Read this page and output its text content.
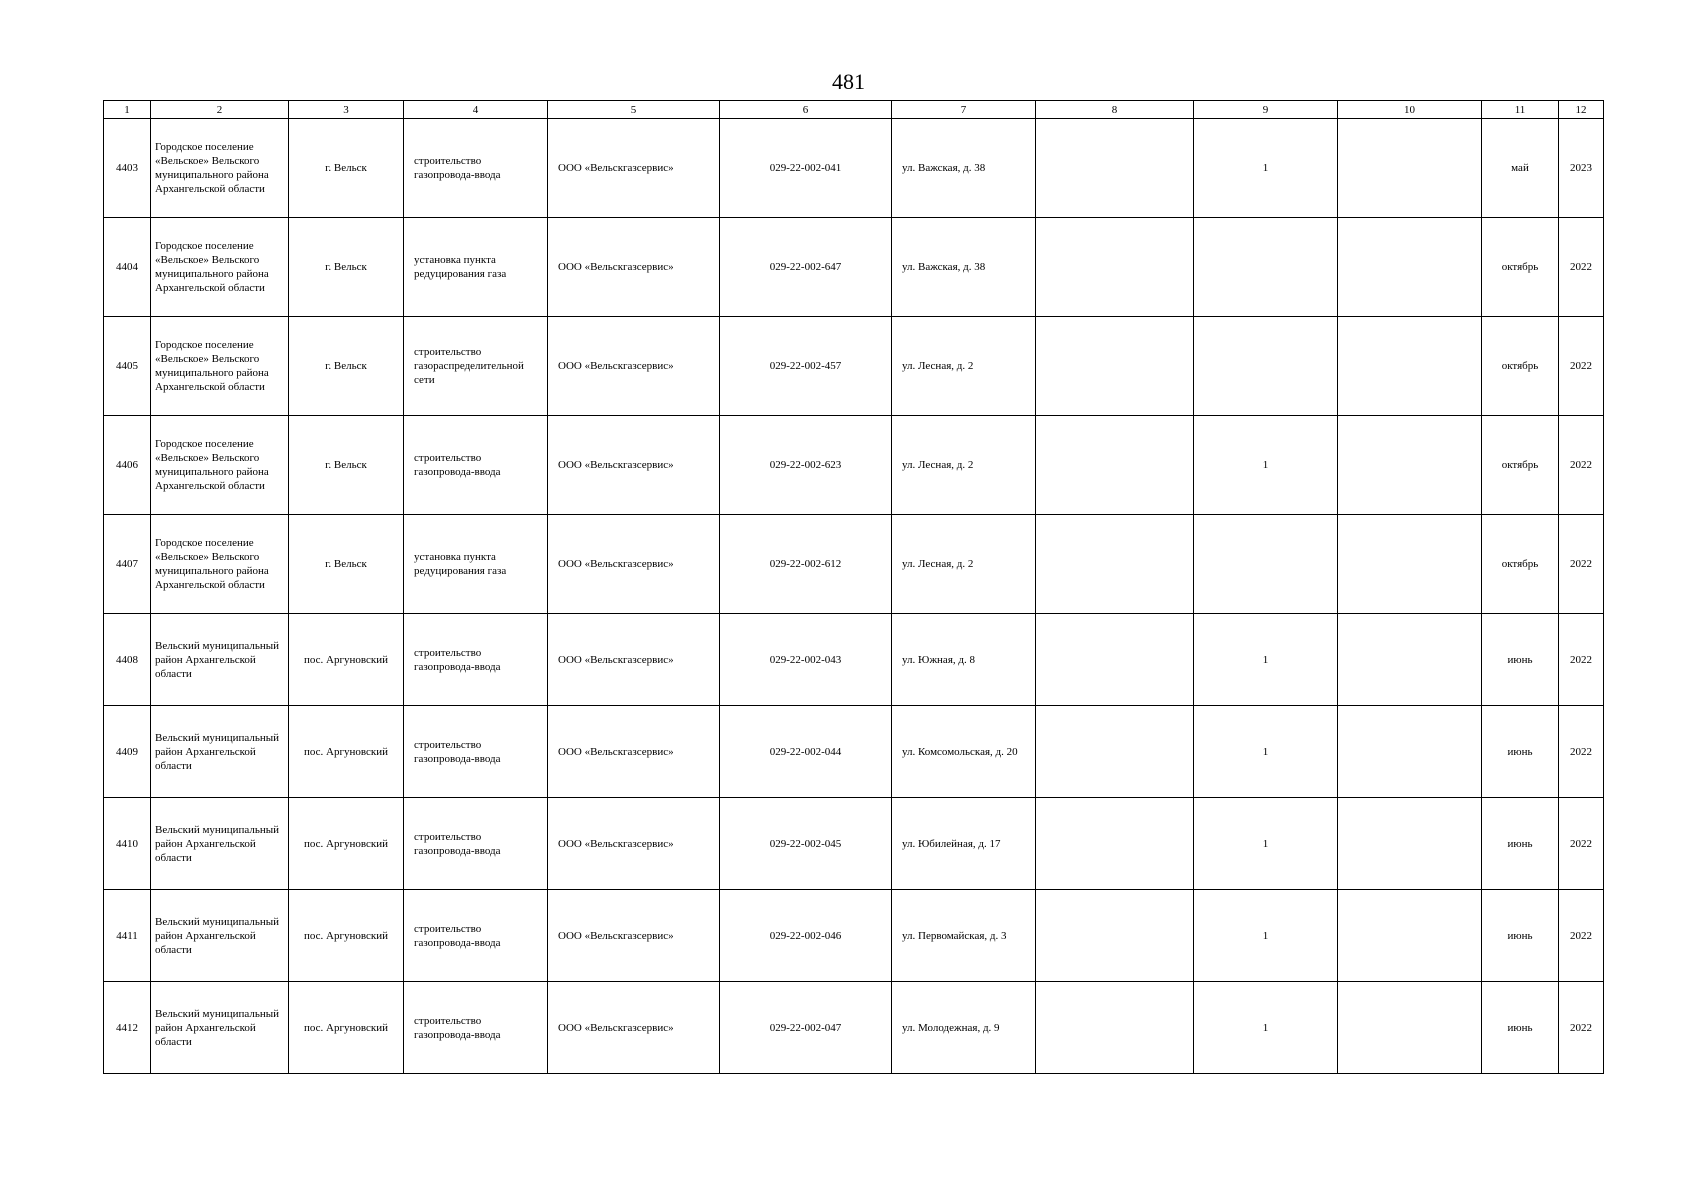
481
1	2	3	4	5	6	7	8	9	10	11	12
4403	Городское поселение «Вельское» Вельского муниципального района Архангельской области	г. Вельск	строительство газопровода-ввода	ООО «Вельскгазсервис»	029-22-002-041	ул. Важская, д. 38		1		май	2023
4404	Городское поселение «Вельское» Вельского муниципального района Архангельской области	г. Вельск	установка пункта редуцирования газа	ООО «Вельскгазсервис»	029-22-002-647	ул. Важская, д. 38				октябрь	2022
4405	Городское поселение «Вельское» Вельского муниципального района Архангельской области	г. Вельск	строительство газораспределительной сети	ООО «Вельскгазсервис»	029-22-002-457	ул. Лесная, д. 2				октябрь	2022
4406	Городское поселение «Вельское» Вельского муниципального района Архангельской области	г. Вельск	строительство газопровода-ввода	ООО «Вельскгазсервис»	029-22-002-623	ул. Лесная, д. 2		1		октябрь	2022
4407	Городское поселение «Вельское» Вельского муниципального района Архангельской области	г. Вельск	установка пункта редуцирования газа	ООО «Вельскгазсервис»	029-22-002-612	ул. Лесная, д. 2				октябрь	2022
4408	Вельский муниципальный район Архангельской области	пос. Аргуновский	строительство газопровода-ввода	ООО «Вельскгазсервис»	029-22-002-043	ул. Южная, д. 8		1		июнь	2022
4409	Вельский муниципальный район Архангельской области	пос. Аргуновский	строительство газопровода-ввода	ООО «Вельскгазсервис»	029-22-002-044	ул. Комсомольская, д. 20		1		июнь	2022
4410	Вельский муниципальный район Архангельской области	пос. Аргуновский	строительство газопровода-ввода	ООО «Вельскгазсервис»	029-22-002-045	ул. Юбилейная, д. 17		1		июнь	2022
4411	Вельский муниципальный район Архангельской области	пос. Аргуновский	строительство газопровода-ввода	ООО «Вельскгазсервис»	029-22-002-046	ул. Первомайская, д. 3		1		июнь	2022
4412	Вельский муниципальный район Архангельской области	пос. Аргуновский	строительство газопровода-ввода	ООО «Вельскгазсервис»	029-22-002-047	ул. Молодежная, д. 9		1		июнь	2022
